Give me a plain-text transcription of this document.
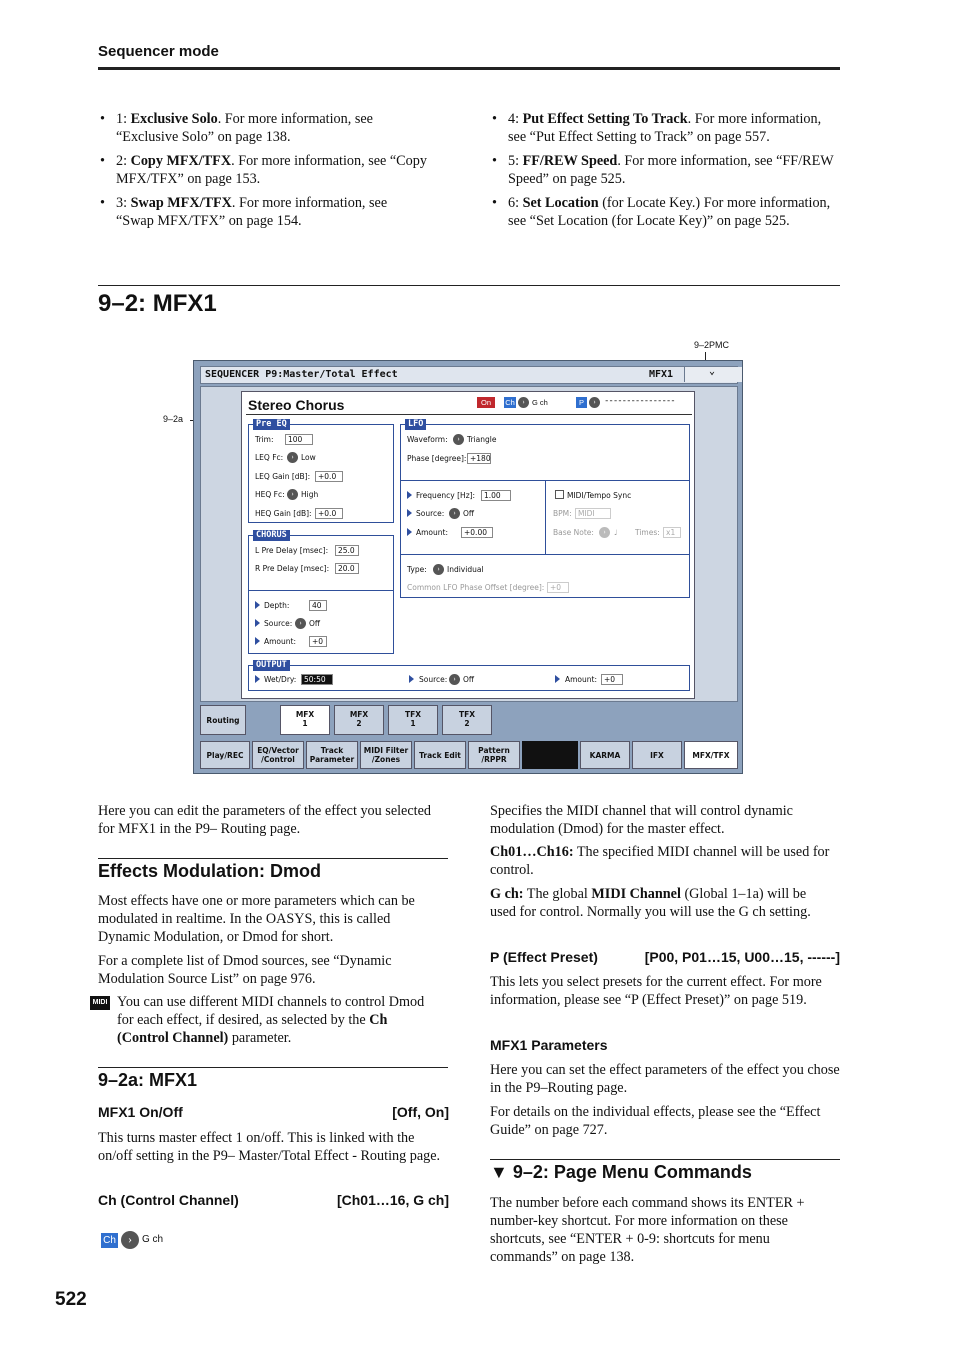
Sequencer mode
• 1: Exclusive Solo. For more information, see “Exclusive Solo” on page 138.
• 2: Copy MFX/TFX. For more information, see “Copy MFX/TFX” on page 153.
• 3: Swap MFX/TFX. For more information, see “Swap MFX/TFX” on page 154.
• 4: Put Effect Setting To Track. For more information, see “Put Effect Setting to Track” on page 557.
• 5: FF/REW Speed. For more information, see “FF/REW Speed” on page 525.
• 6: Set Location (for Locate Key.) For more information, see “Set Location (for Locate Key)” on page 525.
9–2: MFX1
9–2PMC
9–2a
SEQUENCER P9:Master/Total Effect	MFX1	⌄
Stereo Chorus	On	Ch	› G ch	P	› ----------------
Pre EQ
Trim:	100
LEQ Fc:	› Low
LEQ Gain [dB]:	+0.0
HEQ Fc: › High
HEQ Gain [dB]: +0.0
LFO
Waveform:	› Triangle
Phase [degree]: +180
Frequency [Hz]:	1.00
Source:	› Off
Amount:	+0.00
MIDI/Tempo Sync
BPM: MIDI
Base Note:	›	♩ Times: x1
Type:	› Individual
Common LFO Phase Offset [degree]: +0
CHORUS
L Pre Delay [msec]:	25.0
R Pre Delay [msec]:	20.0
Depth:	40
Source:	› Off
Amount:	+0
OUTPUT
Wet/Dry:	50:50	Source: › Off	Amount: +0
Routing
MFX
1
MFX
2
TFX
1
TFX
2
Play/REC EQ/Vector
/Control
Track
Parameter
MIDI Filter
/Zones	Track Edit Pattern
/RPPR	KARMA	IFX	MFX/TFX
Here you can edit the parameters of the effect you selected for MFX1 in the P9– Routing page.
Effects Modulation: Dmod
Most effects have one or more parameters which can be modulated in realtime. In the OASYS, this is called Dynamic Modulation, or Dmod for short.
For a complete list of Dmod sources, see “Dynamic Modulation Source List” on page 976.
MIDI You can use different MIDI channels to control Dmod for each effect, if desired, as selected by the Ch (Control Channel) parameter.
9–2a: MFX1
MFX1 On/Off	[Off, On]
This turns master effect 1 on/off. This is linked with the on/off setting in the P9– Master/Total Effect - Routing page.
Ch (Control Channel)	[Ch01…16, G ch]
Ch	›	G ch
Specifies the MIDI channel that will control dynamic modulation (Dmod) for the master effect.
Ch01…Ch16: The specified MIDI channel will be used for control.
G ch: The global MIDI Channel (Global 1–1a) will be used for control. Normally you will use the G ch setting.
P (Effect Preset)	[P00, P01…15, U00…15, ------]
This lets you select presets for the current effect. For more information, please see “P (Effect Preset)” on page 519.
MFX1 Parameters
Here you can set the effect parameters of the effect you chose in the P9–Routing page.
For details on the individual effects, please see the “Effect Guide” on page 727.
▼ 9–2: Page Menu Commands
The number before each command shows its ENTER + number-key shortcut. For more information on these shortcuts, see “ENTER + 0-9: shortcuts for menu commands” on page 138.
522
